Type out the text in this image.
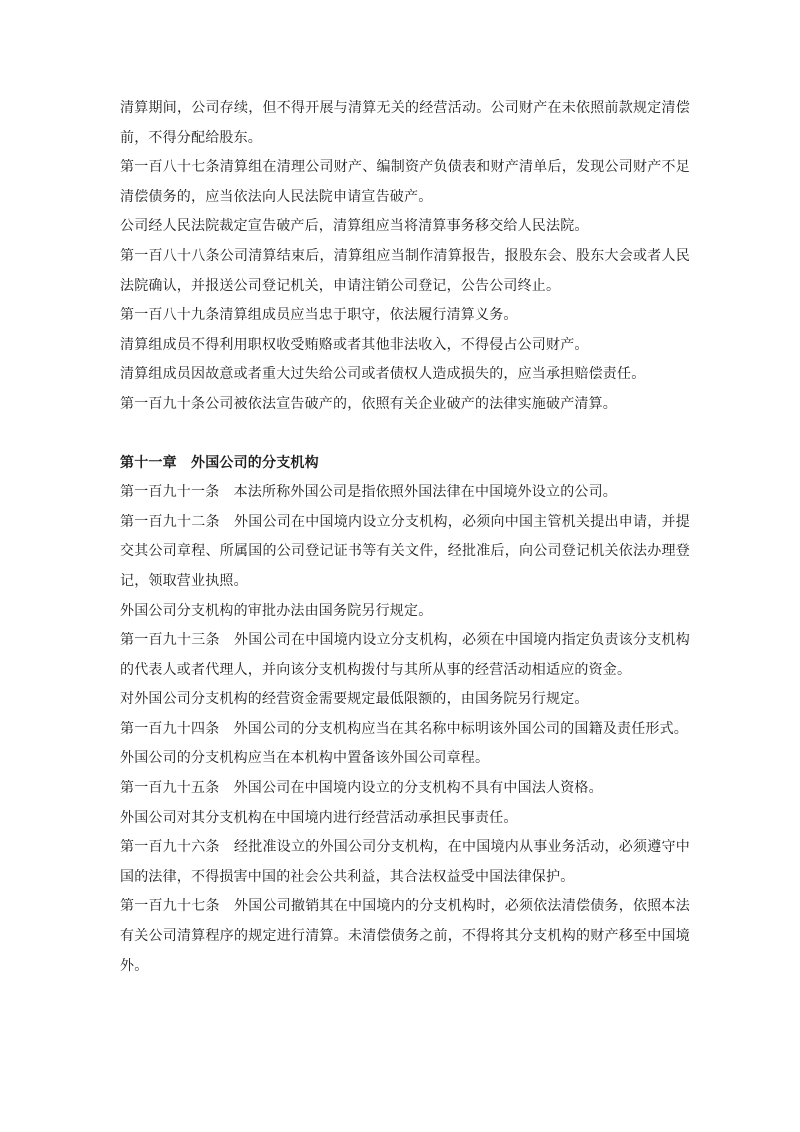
清算期间，公司存续，但不得开展与清算无关的经营活动。公司财产在未依照前款规定清偿前，不得分配给股东。

第一百八十七条清算组在清理公司财产、编制资产负债表和财产清单后，发现公司财产不足清偿债务的，应当依法向人民法院申请宣告破产。

公司经人民法院裁定宣告破产后，清算组应当将清算事务移交给人民法院。

第一百八十八条公司清算结束后，清算组应当制作清算报告，报股东会、股东大会或者人民法院确认，并报送公司登记机关，申请注销公司登记，公告公司终止。

第一百八十九条清算组成员应当忠于职守，依法履行清算义务。

清算组成员不得利用职权收受贿赂或者其他非法收入，不得侵占公司财产。

清算组成员因故意或者重大过失给公司或者债权人造成损失的，应当承担赔偿责任。

第一百九十条公司被依法宣告破产的，依照有关企业破产的法律实施破产清算。

第十一章　外国公司的分支机构

第一百九十一条　本法所称外国公司是指依照外国法律在中国境外设立的公司。

第一百九十二条　外国公司在中国境内设立分支机构，必须向中国主管机关提出申请，并提交其公司章程、所属国的公司登记证书等有关文件，经批准后，向公司登记机关依法办理登记，领取营业执照。

外国公司分支机构的审批办法由国务院另行规定。

第一百九十三条　外国公司在中国境内设立分支机构，必须在中国境内指定负责该分支机构的代表人或者代理人，并向该分支机构拨付与其所从事的经营活动相适应的资金。

对外国公司分支机构的经营资金需要规定最低限额的，由国务院另行规定。

第一百九十四条　外国公司的分支机构应当在其名称中标明该外国公司的国籍及责任形式。

外国公司的分支机构应当在本机构中置备该外国公司章程。

第一百九十五条　外国公司在中国境内设立的分支机构不具有中国法人资格。

外国公司对其分支机构在中国境内进行经营活动承担民事责任。

第一百九十六条　经批准设立的外国公司分支机构，在中国境内从事业务活动，必须遵守中国的法律，不得损害中国的社会公共利益，其合法权益受中国法律保护。

第一百九十七条　外国公司撤销其在中国境内的分支机构时，必须依法清偿债务，依照本法有关公司清算程序的规定进行清算。未清偿债务之前，不得将其分支机构的财产移至中国境外。
